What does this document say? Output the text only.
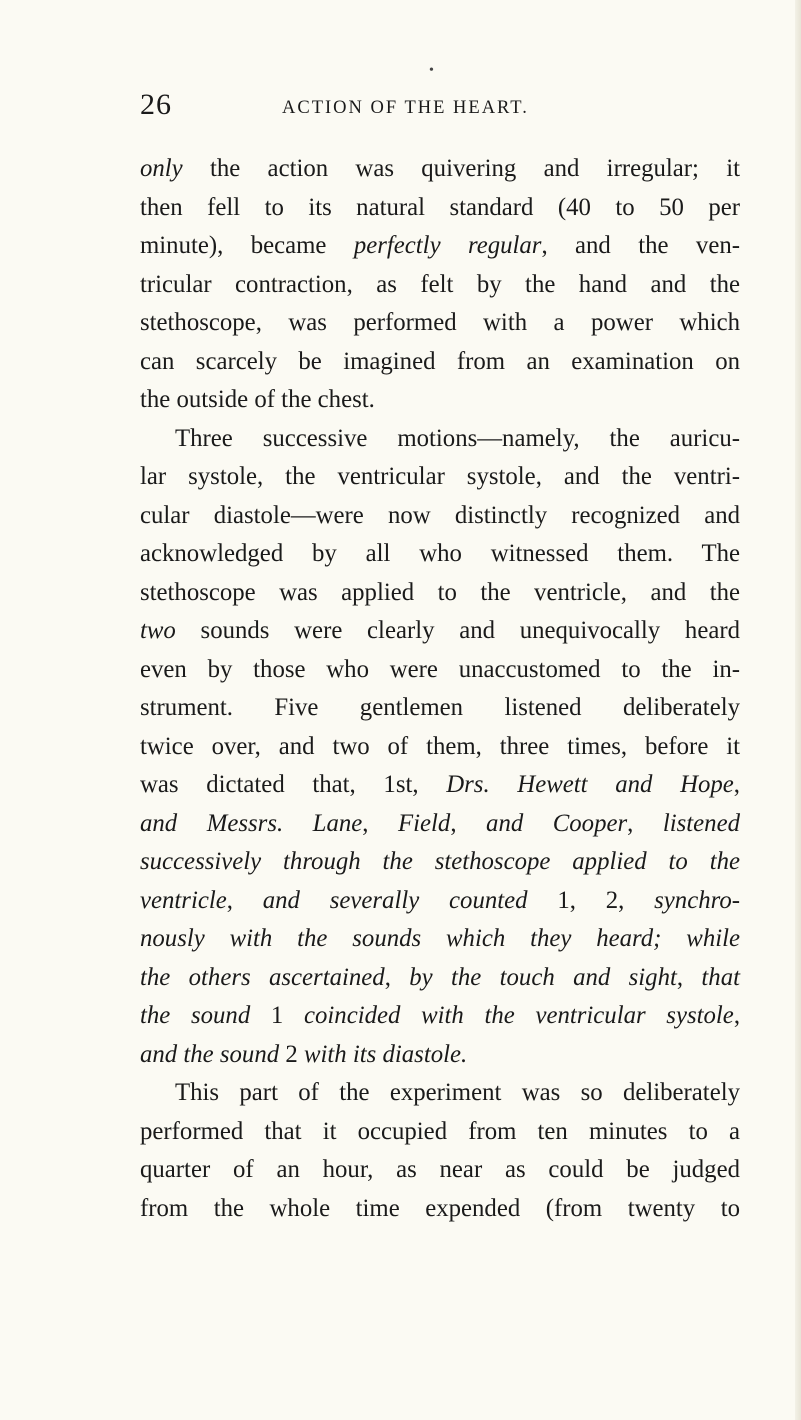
•
26	ACTION OF THE HEART.
only the action was quivering and irregular; it
then fell to its natural standard (40 to 50 per
minute), became perfectly regular, and the ven-
tricular contraction, as felt by the hand and the
stethoscope, was performed with a power which
can scarcely be imagined from an examination on
the outside of the chest.
Three successive motions—namely, the auricu-
lar systole, the ventricular systole, and the ventri-
cular diastole—were now distinctly recognized and
acknowledged by all who witnessed them. The
stethoscope was applied to the ventricle, and the
two sounds were clearly and unequivocally heard
even by those who were unaccustomed to the in-
strument. Five gentlemen listened deliberately
twice over, and two of them, three times, before it
was dictated that, 1st, Drs. Hewett and Hope,
and Messrs. Lane, Field, and Cooper, listened
successively through the stethoscope applied to the
ventricle, and severally counted 1, 2, synchro-
nously with the sounds which they heard; while
the others ascertained, by the touch and sight, that
the sound 1 coincided with the ventricular systole,
and the sound 2 with its diastole.
This part of the experiment was so deliberately
performed that it occupied from ten minutes to a
quarter of an hour, as near as could be judged
from the whole time expended (from twenty to
